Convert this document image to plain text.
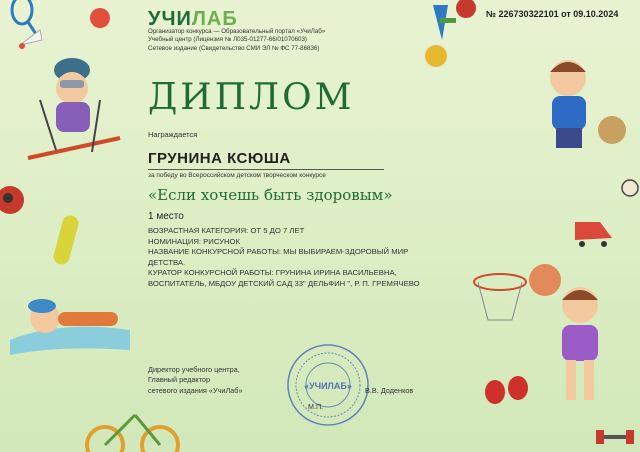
УЧИЛАБ
Организатор конкурса — Образовательный портал «УчиЛаб»
Учебный центр (Лицензия № Л035-01277-66/01070603)
Сетевое издание (Свидетельство СМИ ЭЛ № ФС 77-86836)
№ 226730322101 от 09.10.2024
ДИПЛОМ
Награждается
ГРУНИНА КСЮША
за победу во Всероссийском детском творческом конкурсе
«Если хочешь быть здоровым»
1 место
ВОЗРАСТНАЯ КАТЕГОРИЯ: ОТ 5 ДО 7 ЛЕТ
НОМИНАЦИЯ: РИСУНОК
НАЗВАНИЕ КОНКУРСНОЙ РАБОТЫ: МЫ ВЫБИРАЕМ-ЗДОРОВЫЙ МИР
ДЕТСТВА.
КУРАТОР КОНКУРСНОЙ РАБОТЫ: ГРУНИНА ИРИНА ВАСИЛЬЕВНА,
ВОСПИТАТЕЛЬ, МБДОУ ДЕТСКИЙ САД 33" ДЕЛЬФИН ", Р. П. ГРЕМЯЧЕВО
Директор учебного центра,
Главный редактор
сетевого издания «УчиЛаб»	«УЧИЛАБ»
М.П.
В.В. Доденков
